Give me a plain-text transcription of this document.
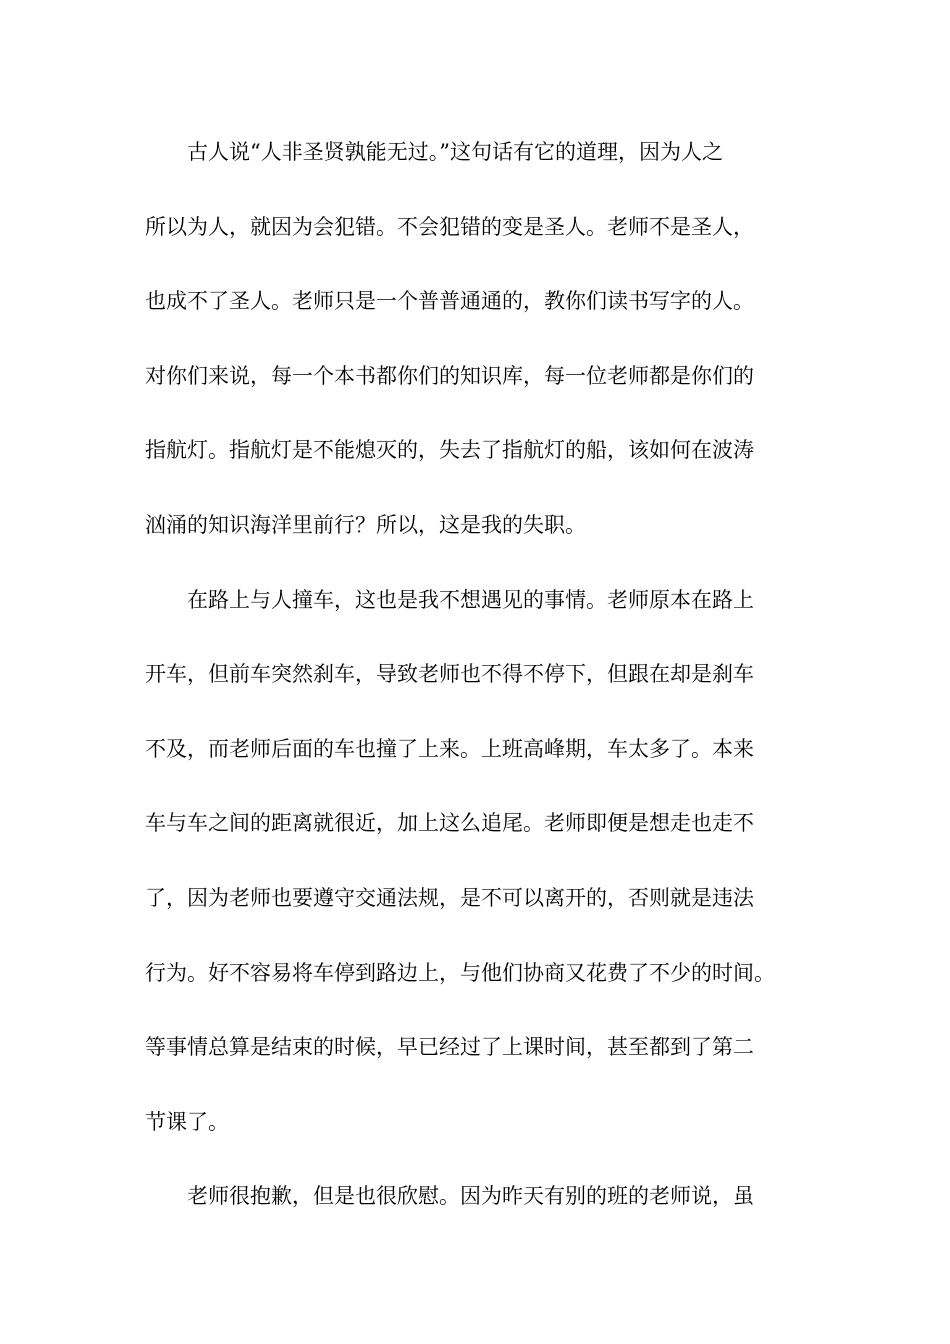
古人说“人非圣贤孰能无过。”这句话有它的道理，因为人之
所以为人，就因为会犯错。不会犯错的变是圣人。老师不是圣人，
也成不了圣人。老师只是一个普普通通的，教你们读书写字的人。
对你们来说，每一个本书都你们的知识库，每一位老师都是你们的
指航灯。指航灯是不能熄灭的，失去了指航灯的船，该如何在波涛
汹涌的知识海洋里前行？所以，这是我的失职。
在路上与人撞车，这也是我不想遇见的事情。老师原本在路上
开车，但前车突然刹车，导致老师也不得不停下，但跟在却是刹车
不及，而老师后面的车也撞了上来。上班高峰期，车太多了。本来
车与车之间的距离就很近，加上这么追尾。老师即便是想走也走不
了，因为老师也要遵守交通法规，是不可以离开的，否则就是违法
行为。好不容易将车停到路边上，与他们协商又花费了不少的时间。
等事情总算是结束的时候，早已经过了上课时间，甚至都到了第二
节课了。
老师很抱歉，但是也很欣慰。因为昨天有别的班的老师说，虽
